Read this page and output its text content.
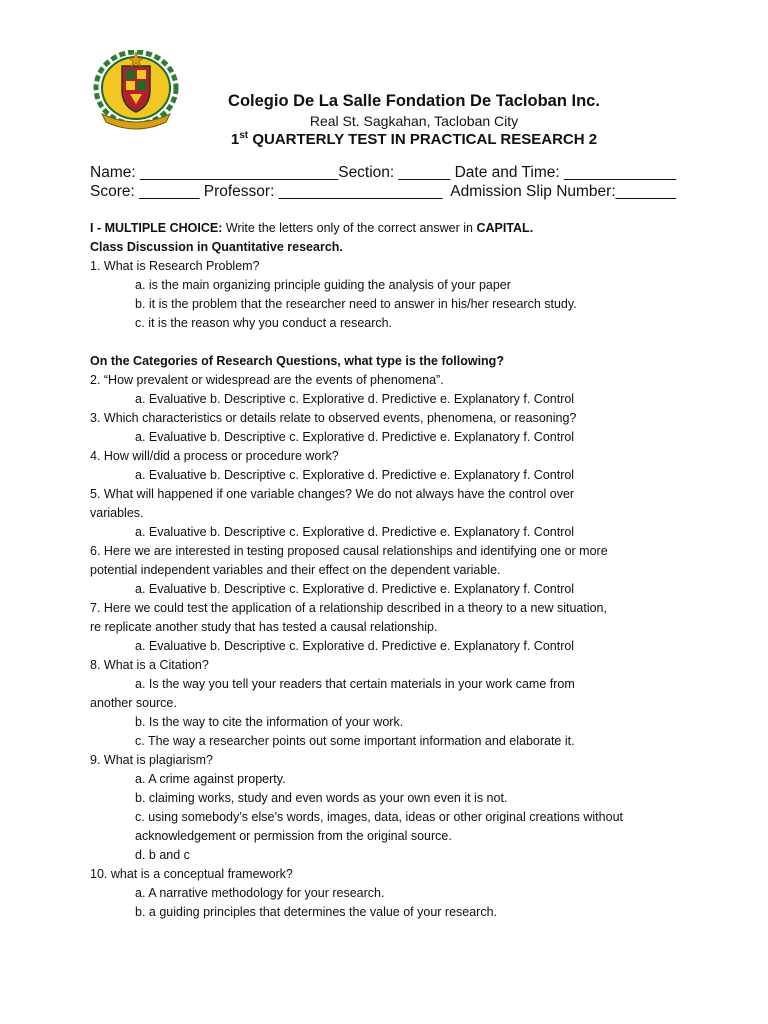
Colegio De La Salle Fondation De Tacloban Inc.
Real St. Sagkahan, Tacloban City
1st QUARTERLY TEST IN PRACTICAL RESEARCH 2
Name: _______________________Section: ______ Date and Time: _____________
Score: _______ Professor: ___________________  Admission Slip Number:_______

I - MULTIPLE CHOICE: Write the letters only of the correct answer in CAPITAL.

Class Discussion in Quantitative research.

1. What is Research Problem?

a. is the main organizing principle guiding the analysis of your paper

b. it is the problem that the researcher need to answer in his/her research study.

c. it is the reason why you conduct a research.

On the Categories of Research Questions, what type is the following?

2. “How prevalent or widespread are the events of phenomena”.

a. Evaluative b. Descriptive c. Explorative d. Predictive e. Explanatory f. Control

3. Which characteristics or details relate to observed events, phenomena, or reasoning?

a. Evaluative b. Descriptive c. Explorative d. Predictive e. Explanatory f. Control

4. How will/did a process or procedure work?

a. Evaluative b. Descriptive c. Explorative d. Predictive e. Explanatory f. Control

5. What will happened if one variable changes? We do not always have the control over

variables.

a. Evaluative b. Descriptive c. Explorative d. Predictive e. Explanatory f. Control

6. Here we are interested in testing proposed causal relationships and identifying one or more

potential independent variables and their effect on the dependent variable.

a. Evaluative b. Descriptive c. Explorative d. Predictive e. Explanatory f. Control

7. Here we could test the application of a relationship described in a theory to a new situation,

re replicate another study that has tested a causal relationship.

a. Evaluative b. Descriptive c. Explorative d. Predictive e. Explanatory f. Control

8. What is a Citation?

a. Is the way you tell your readers that certain materials in your work came from

another source.

b. Is the way to cite the information of your work.

c. The way a researcher points out some important information and elaborate it.

9. What is plagiarism?

a. A crime against property.

b. claiming works, study and even words as your own even it is not.

c. using somebody’s else’s words, images, data, ideas or other original creations without

acknowledgement or permission from the original source.

d. b and c

10. what is a conceptual framework?

a. A narrative methodology for your research.

b. a guiding principles that determines the value of your research.
